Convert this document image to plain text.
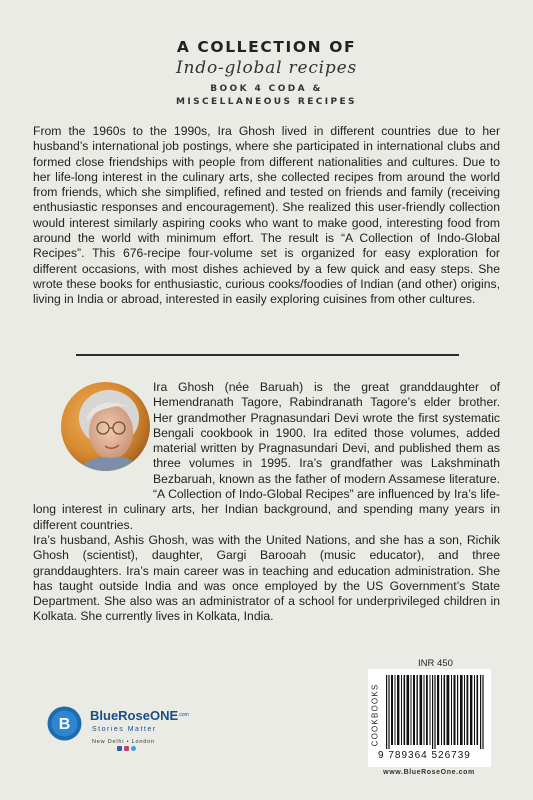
A COLLECTION OF
Indo-global recipes
BOOK 4 CODA &
MISCELLANEOUS RECIPES

From the 1960s to the 1990s, Ira Ghosh lived in different countries due to her husband’s international job postings, where she participated in international clubs and formed close friendships with people from different nationalities and cultures. Due to her life-long interest in the culinary arts, she collected recipes from around the world from friends, which she simplified, refined and tested on friends and family (receiving enthusiastic responses and encouragement). She realized this user-friendly collection would interest similarly aspiring cooks who want to make good, interesting food from around the world with minimum effort. The result is “A Collection of Indo-Global Recipes”. This 676-recipe four-volume set is organized for easy exploration for different occasions, with most dishes achieved by a few quick and easy steps. She wrote these books for enthusiastic, curious cooks/foodies of Indian (and other) origins, living in India or abroad, interested in easily exploring cuisines from other cultures.

Ira Ghosh (née Baruah) is the great granddaughter of Hemendranath Tagore, Rabindranath Tagore’s elder brother. Her grandmother Pragnasundari Devi wrote the first systematic Bengali cookbook in 1900. Ira edited those volumes, added material written by Pragnasundari Devi, and published them as three volumes in 1995. Ira’s grandfather was Lakshminath Bezbaruah, known as the father of modern Assamese literature. “A Collection of Indo-Global Recipes” are influenced by Ira’s life-long interest in culinary arts, her Indian background, and spending many years in different countries.

Ira’s husband, Ashis Ghosh, was with the United Nations, and she has a son, Richik Ghosh (scientist), daughter, Gargi Barooah (music educator), and three granddaughters. Ira’s main career was in teaching and education administration. She has taught outside India and was once employed by the US Government’s State Department. She also was an administrator of a school for underprivileged children in Kolkata. She currently lives in Kolkata, India.

INR 450
COOKBOOKS
9 789364 526739
www.BlueRoseOne.com
B
BlueRoseONE .com
Stories Matter
New Delhi • London
